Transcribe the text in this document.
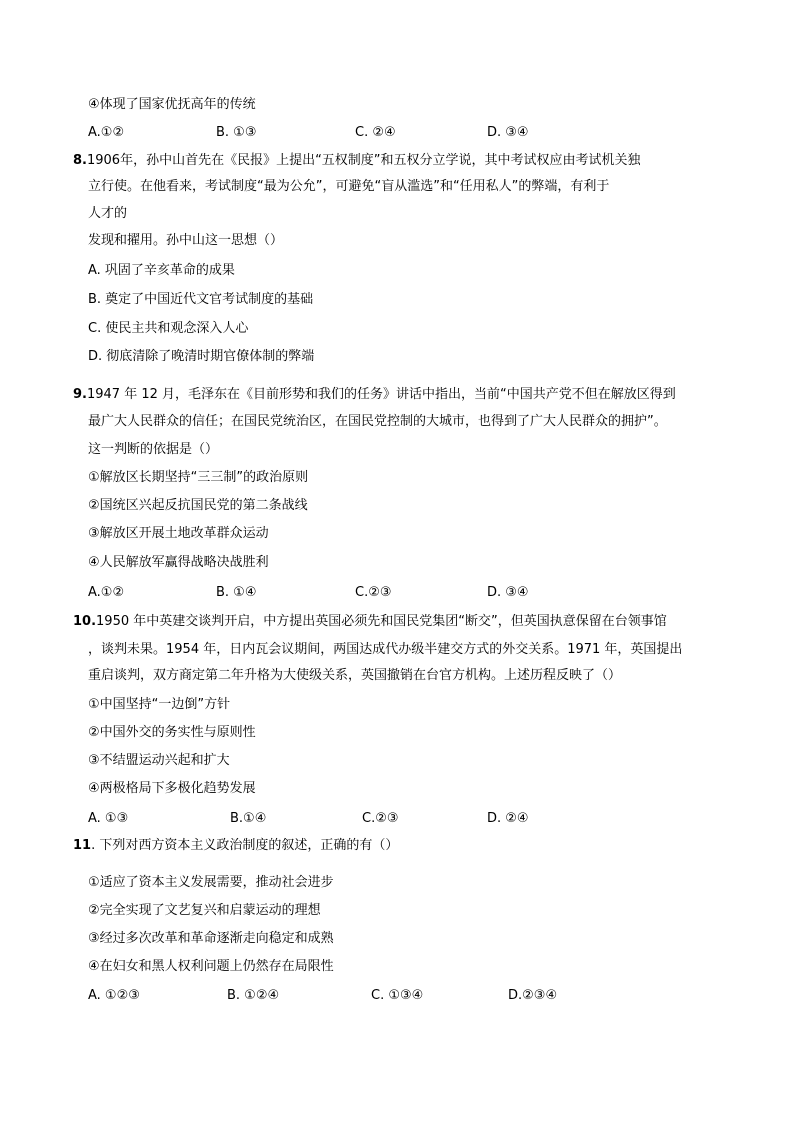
④体现了国家优抚高年的传统
A.①②	B. ①③	C. ②④	D. ③④
8.1906年，孙中山首先在《民报》上提出“五权制度”和五权分立学说，其中考试权应由考试机关独
立行使。在他看来，考试制度“最为公允”，可避免“盲从滥选”和“任用私人”的弊端，有利于
人才的
发现和擢用。孙中山这一思想（）
A. 巩固了辛亥革命的成果
B. 奠定了中国近代文官考试制度的基础
C. 使民主共和观念深入人心
D. 彻底清除了晚清时期官僚体制的弊端
9.1947 年 12 月，毛泽东在《目前形势和我们的任务》讲话中指出，当前“中国共产党不但在解放区得到
最广大人民群众的信任；在国民党统治区，在国民党控制的大城市，也得到了广大人民群众的拥护”。
这一判断的依据是（）
①解放区长期坚持“三三制”的政治原则
②国统区兴起反抗国民党的第二条战线
③解放区开展土地改革群众运动
④人民解放军赢得战略决战胜利
A.①②	B. ①④	C.②③	D. ③④
10.1950 年中英建交谈判开启，中方提出英国必须先和国民党集团“断交”，但英国执意保留在台领事馆
，谈判未果。1954 年，日内瓦会议期间，两国达成代办级半建交方式的外交关系。1971 年，英国提出
重启谈判，双方商定第二年升格为大使级关系，英国撤销在台官方机构。上述历程反映了（）
①中国坚持“一边倒”方针
②中国外交的务实性与原则性
③不结盟运动兴起和扩大
④两极格局下多极化趋势发展
A. ①③	B.①④	C.②③	D. ②④
11. 下列对西方资本主义政治制度的叙述，正确的有（）
①适应了资本主义发展需要，推动社会进步
②完全实现了文艺复兴和启蒙运动的理想
③经过多次改革和革命逐渐走向稳定和成熟
④在妇女和黑人权利问题上仍然存在局限性
A. ①②③	B. ①②④	C. ①③④	D.②③④
